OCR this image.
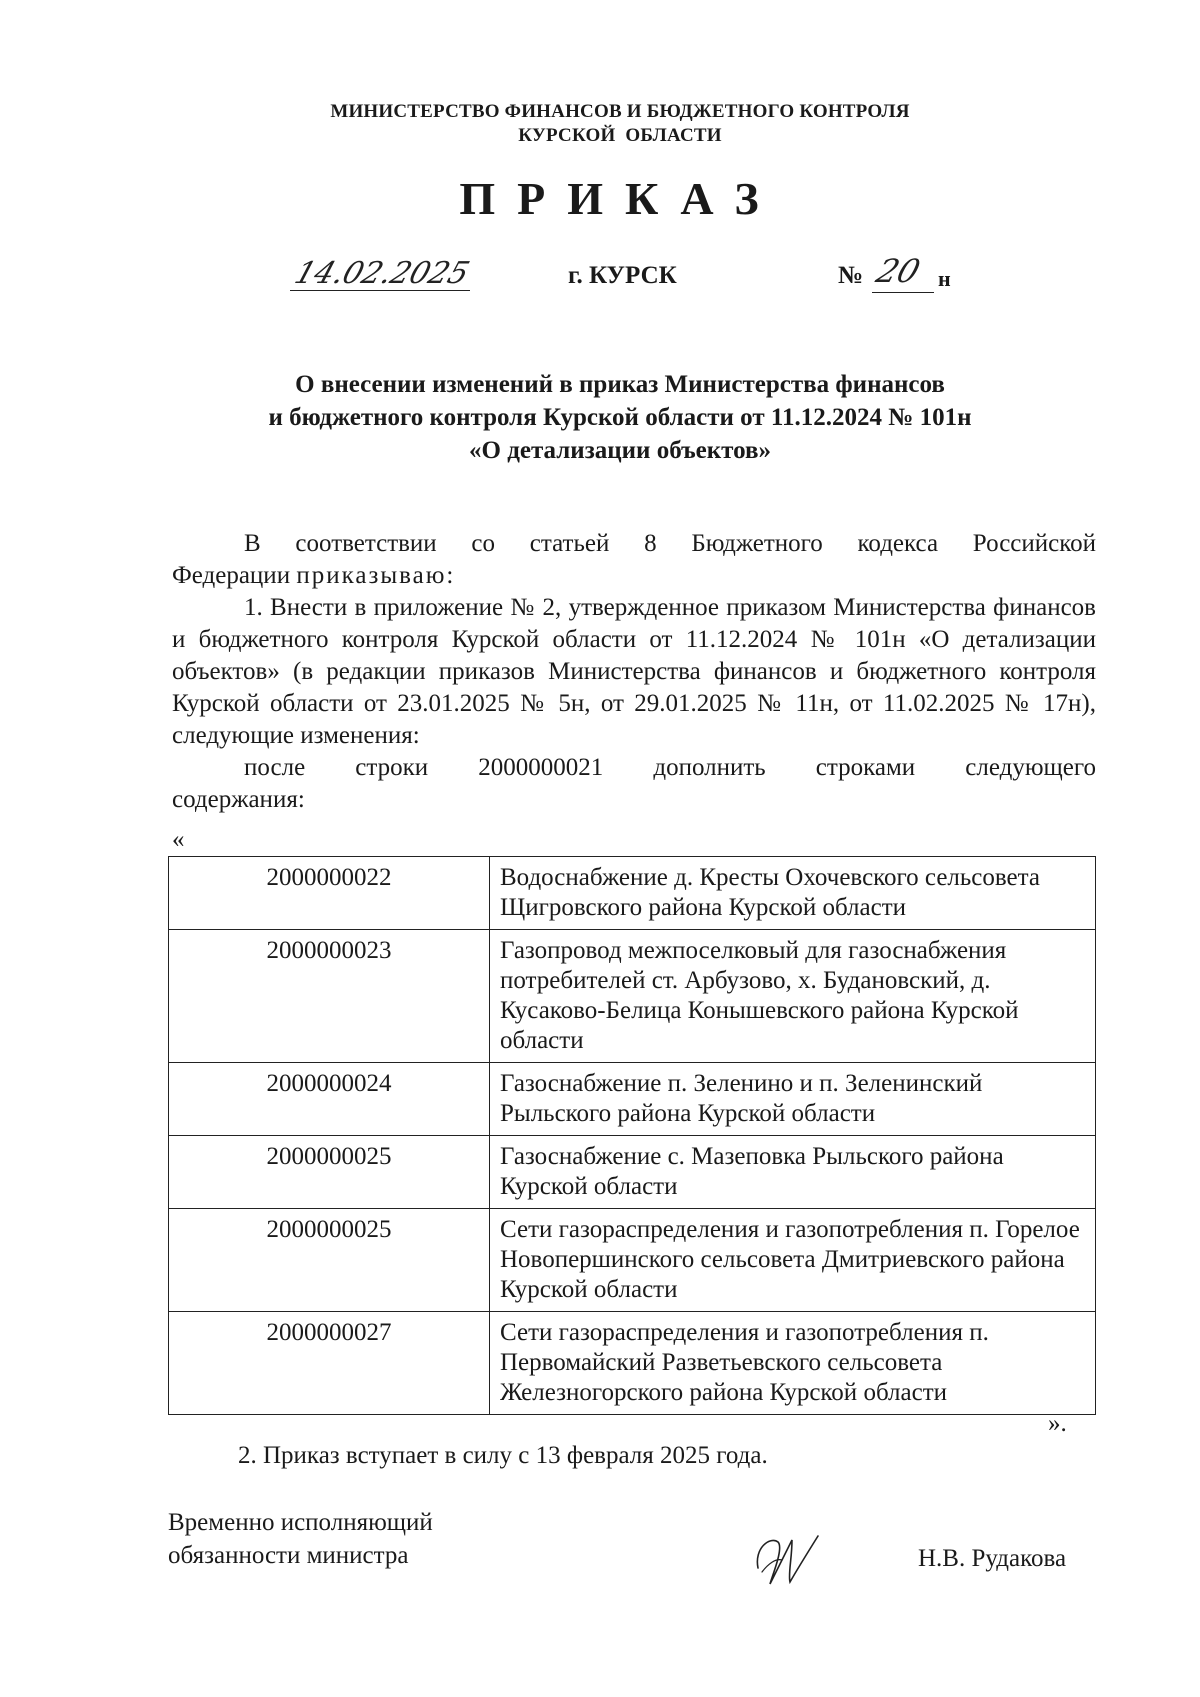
МИНИСТЕРСТВО ФИНАНСОВ И БЮДЖЕТНОГО КОНТРОЛЯ
КУРСКОЙ  ОБЛАСТИ
ПРИКАЗ
14.02.2025	г. КУРСК	№ 20 н
О внесении изменений в приказ Министерства финансов
и бюджетного контроля Курской области от 11.12.2024 № 101н
«О детализации объектов»

В соответствии со статьей 8 Бюджетного кодекса Российской

Федерации приказываю:

1. Внести в приложение № 2, утвержденное приказом Министерства финансов и бюджетного контроля Курской области от 11.12.2024 № 101н «О детализации объектов» (в редакции приказов Министерства финансов и бюджетного контроля Курской области от 23.01.2025 № 5н, от 29.01.2025 № 11н, от 11.02.2025 № 17н), следующие изменения:

после строки 2000000021 дополнить строками следующего

содержания:

«
2000000022	Водоснабжение д. Кресты Охочевского сельсовета Щигровского района Курской области
2000000023	Газопровод межпоселковый для газоснабжения потребителей ст. Арбузово, х. Будановский, д. Кусаково-Белица Конышевского района Курской области
2000000024	Газоснабжение п. Зеленино и п. Зеленинский Рыльского района Курской области
2000000025	Газоснабжение с. Мазеповка Рыльского района Курской области
2000000025	Сети газораспределения и газопотребления п. Горелое Новопершинского сельсовета Дмитриевского района Курской области
2000000027	Сети газораспределения и газопотребления п. Первомайский Разветьевского сельсовета Железногорского района Курской области
».
2. Приказ вступает в силу с 13 февраля 2025 года.
Временно исполняющий
обязанности министра	Н.В. Рудакова
